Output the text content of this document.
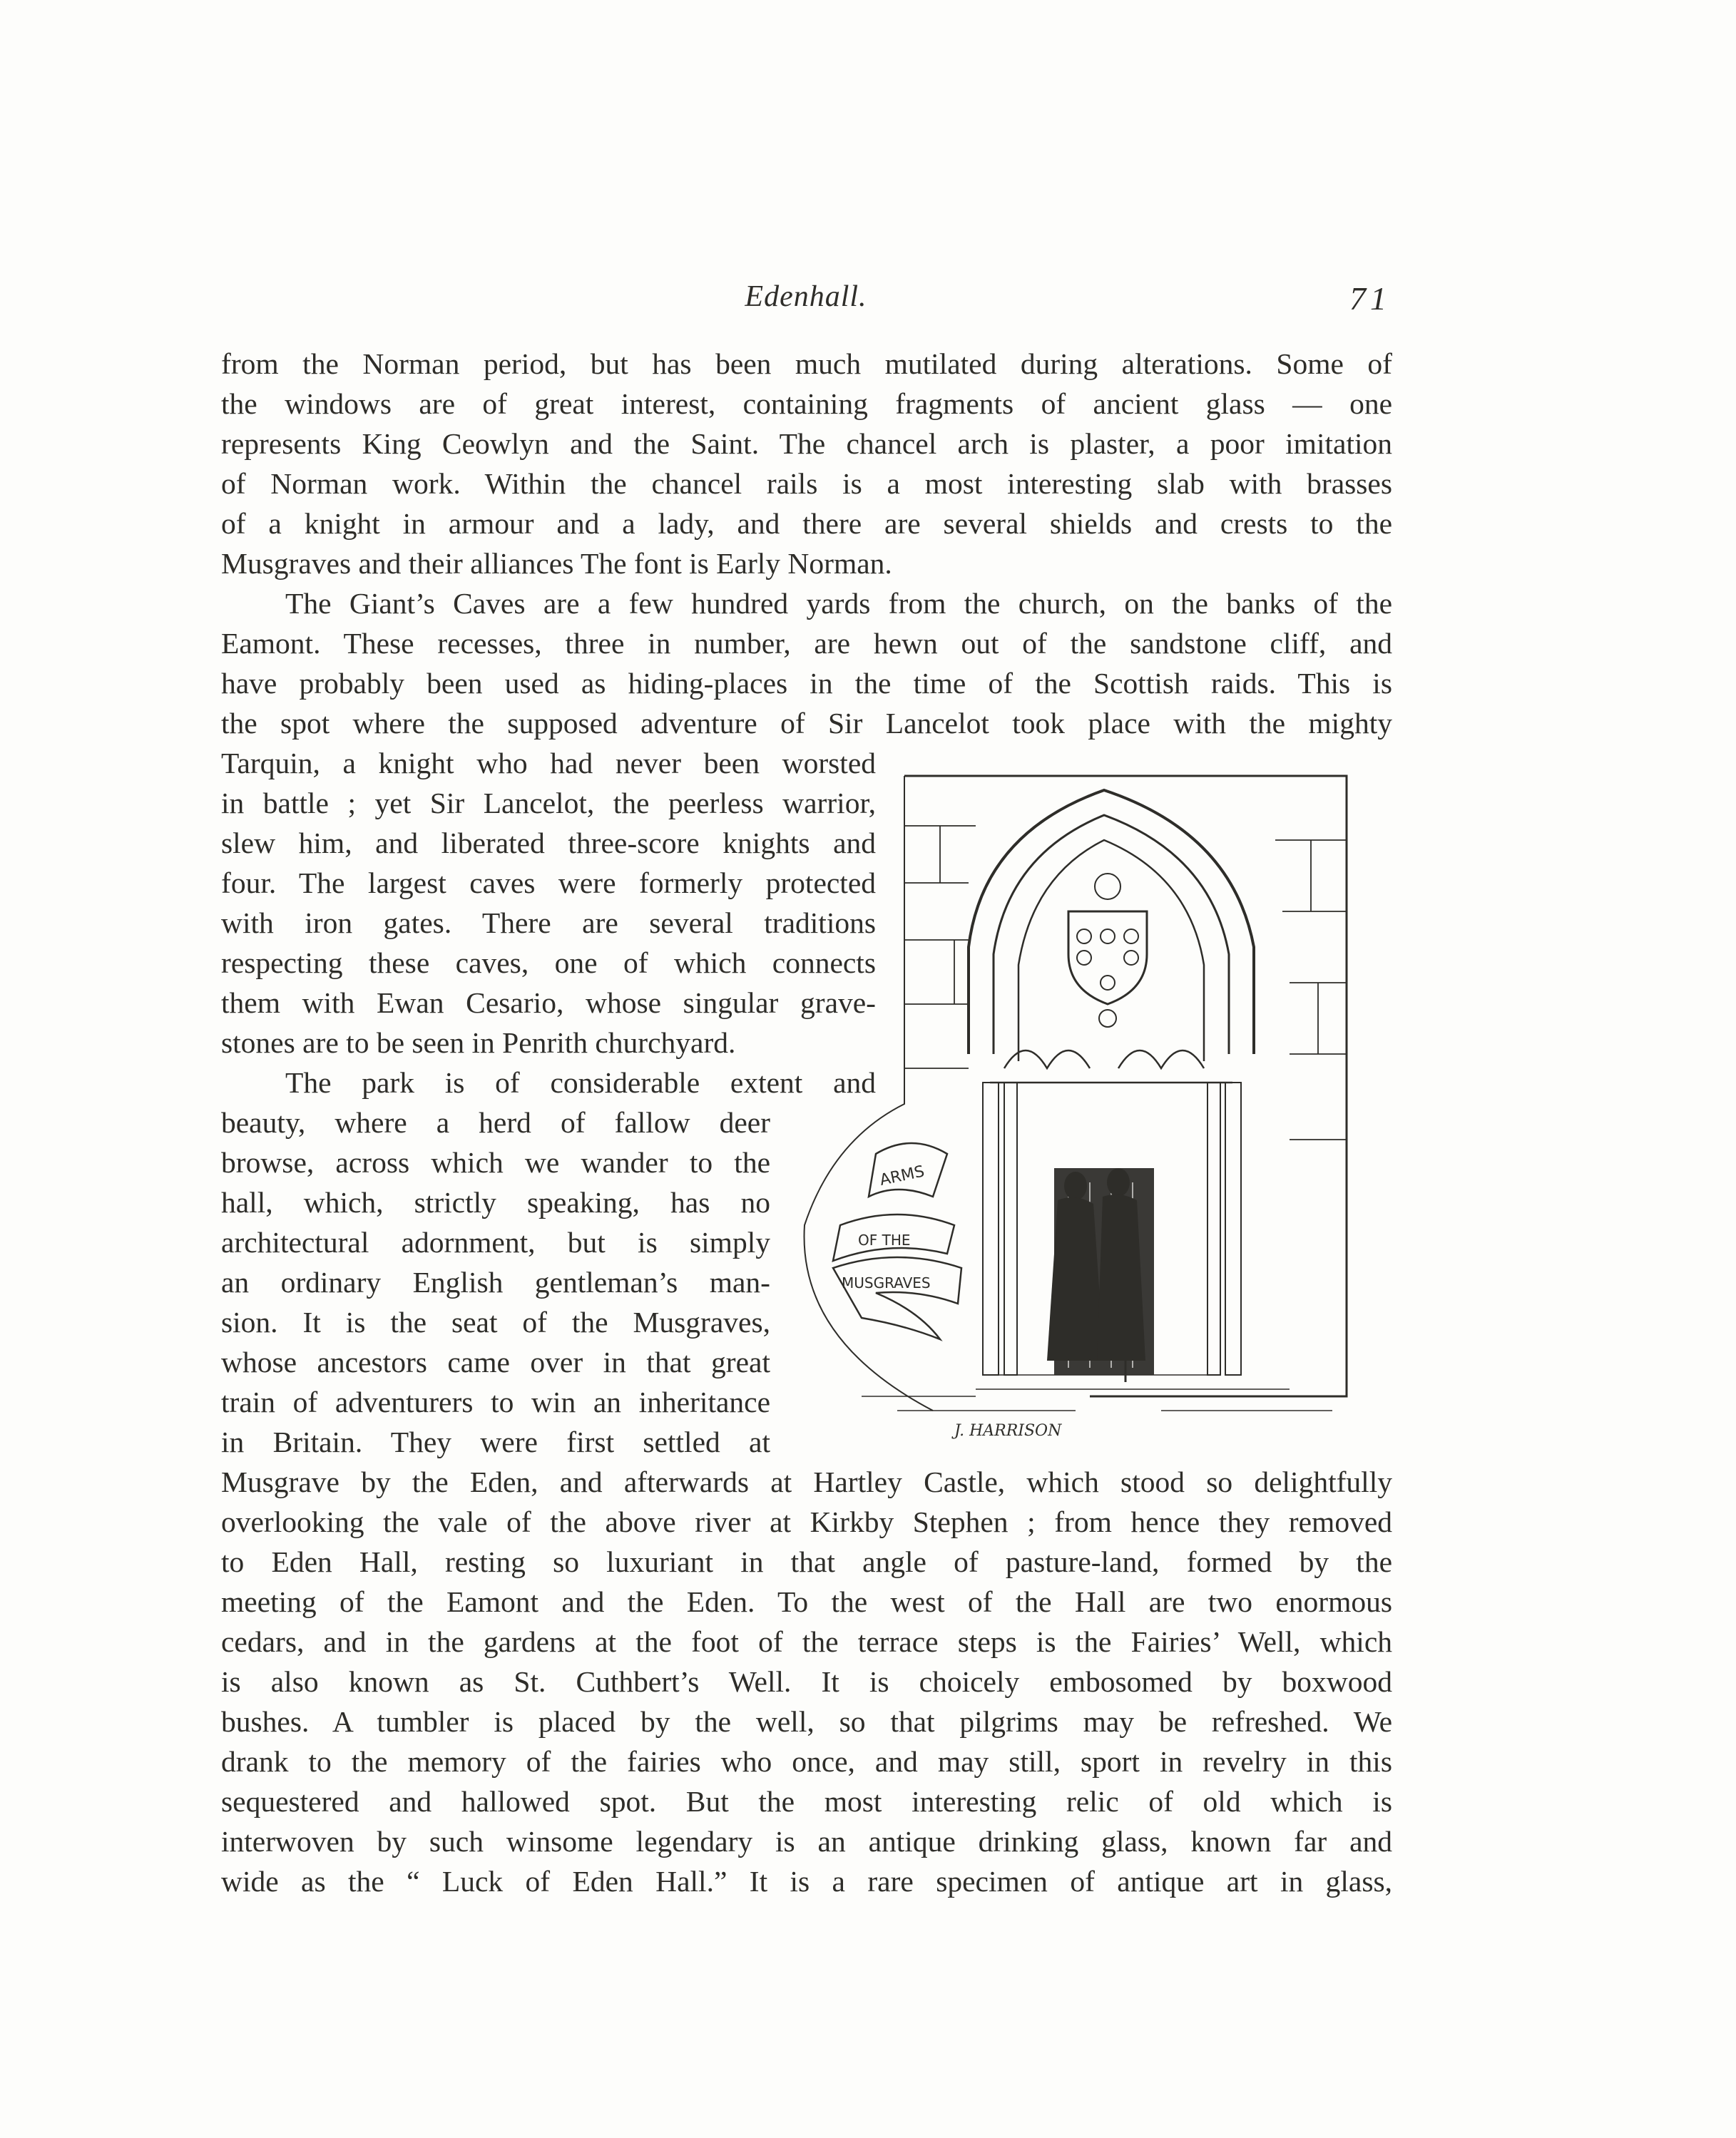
Edenhall.	71
from the Norman period, but has been much mutilated during alterations. Some of
the windows are of great interest, containing fragments of ancient glass — one
represents King Ceowlyn and the Saint. The chancel arch is plaster, a poor imitation
of Norman work. Within the chancel rails is a most interesting slab with brasses
of a knight in armour and a lady, and there are several shields and crests to the
Musgraves and their alliances The font is Early Norman.
The Giant’s Caves are a few hundred yards from the church, on the banks of the
Eamont. These recesses, three in number, are hewn out of the sandstone cliff, and
have probably been used as hiding-places in the time of the Scottish raids. This is
the spot where the supposed adventure of Sir Lancelot took place with the mighty
Tarquin, a knight who had never been worsted
in battle ; yet Sir Lancelot, the peerless warrior,
slew him, and liberated three-score knights and
four. The largest caves were formerly protected
with iron gates. There are several traditions
respecting these caves, one of which connects
them with Ewan Cesario, whose singular grave-
stones are to be seen in Penrith churchyard.
The park is of considerable extent and
beauty, where a herd of fallow deer
browse, across which we wander to the
hall, which, strictly speaking, has no
architectural adornment, but is simply
an ordinary English gentleman’s man-
sion. It is the seat of the Musgraves,
whose ancestors came over in that great
train of adventurers to win an inheritance
in Britain. They were first settled at
Musgrave by the Eden, and afterwards at Hartley Castle, which stood so delightfully
overlooking the vale of the above river at Kirkby Stephen ; from hence they removed
to Eden Hall, resting so luxuriant in that angle of pasture-land, formed by the
meeting of the Eamont and the Eden. To the west of the Hall are two enormous
cedars, and in the gardens at the foot of the terrace steps is the Fairies’ Well, which
is also known as St. Cuthbert’s Well. It is choicely embosomed by boxwood
bushes. A tumbler is placed by the well, so that pilgrims may be refreshed. We
drank to the memory of the fairies who once, and may still, sport in revelry in this
sequestered and hallowed spot. But the most interesting relic of old which is
interwoven by such winsome legendary is an antique drinking glass, known far and
wide as the “ Luck of Eden Hall.” It is a rare specimen of antique art in glass,
ARMS
OF THE
MUSGRAVES
J. HARRISON
